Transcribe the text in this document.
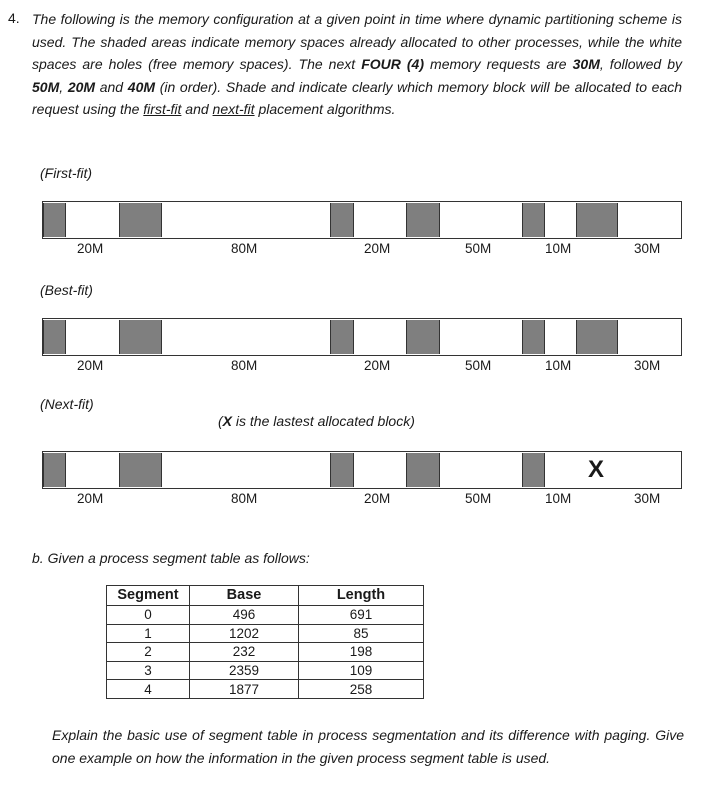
4. The following is the memory configuration at a given point in time where dynamic partitioning scheme is used. The shaded areas indicate memory spaces already allocated to other processes, while the white spaces are holes (free memory spaces). The next FOUR (4) memory requests are 30M, followed by 50M, 20M and 40M (in order). Shade and indicate clearly which memory block will be allocated to each request using the first-fit and next-fit placement algorithms.
(First-fit)
20M	80M	20M	50M	10M	30M
(Best-fit)
20M	80M	20M	50M	10M	30M
(Next-fit)
(X is the lastest allocated block)
X
20M	80M	20M	50M	10M	30M
b. Given a process segment table as follows:
Segment	Base	Length
0	496	691
1	1202	85
2	232	198
3	2359	109
4	1877	258
Explain the basic use of segment table in process segmentation and its difference with paging. Give one example on how the information in the given process segment table is used.
